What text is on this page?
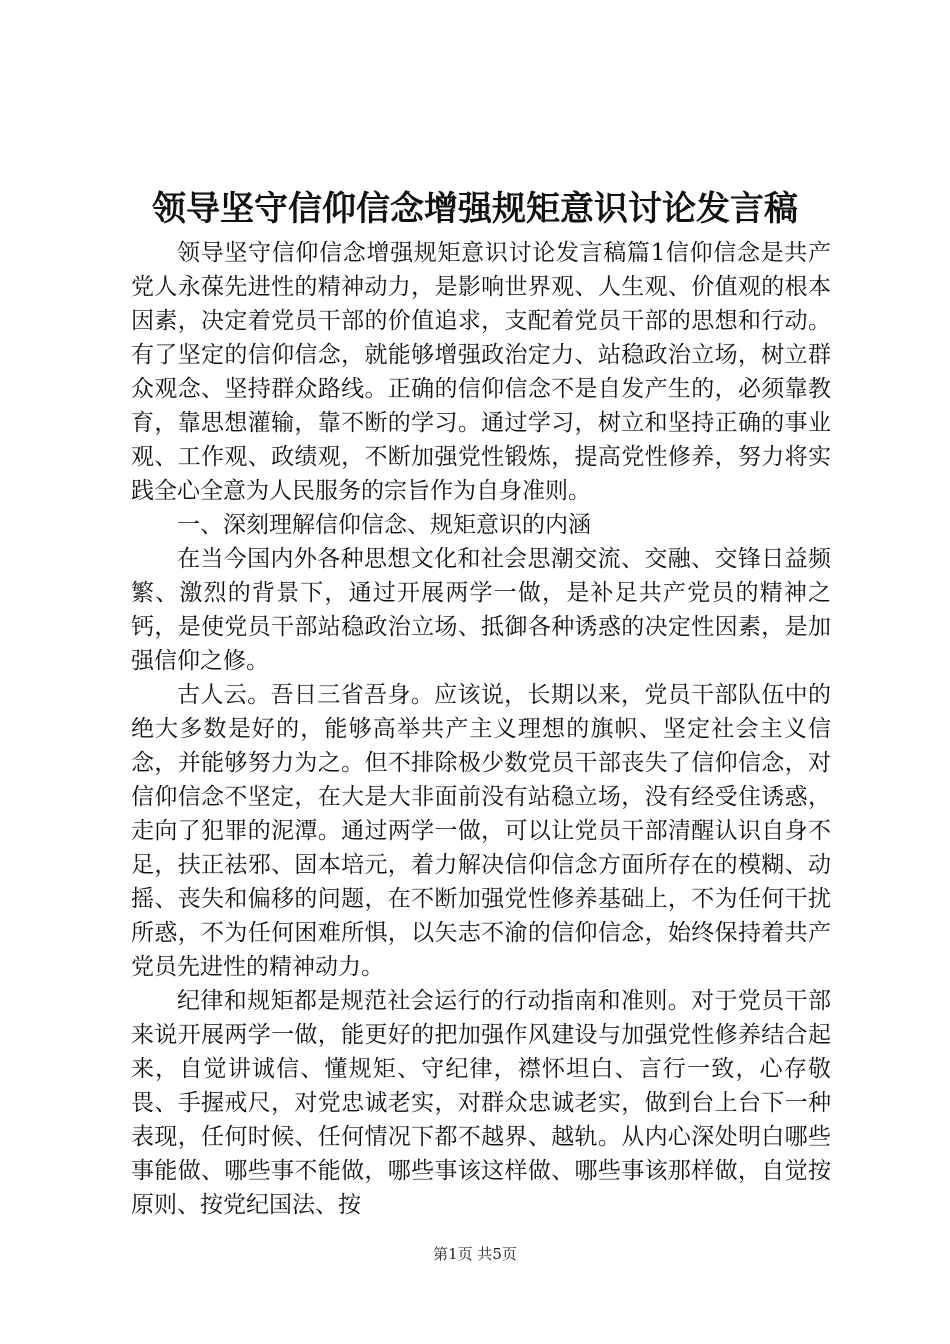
领导坚守信仰信念增强规矩意识讨论发言稿

领导坚守信仰信念增强规矩意识讨论发言稿篇1信仰信念是共产党人永葆先进性的精神动力，是影响世界观、人生观、价值观的根本因素，决定着党员干部的价值追求，支配着党员干部的思想和行动。有了坚定的信仰信念，就能够增强政治定力、站稳政治立场，树立群众观念、坚持群众路线。正确的信仰信念不是自发产生的，必须靠教育，靠思想灌输，靠不断的学习。通过学习，树立和坚持正确的事业观、工作观、政绩观，不断加强党性锻炼，提高党性修养，努力将实践全心全意为人民服务的宗旨作为自身准则。

一、深刻理解信仰信念、规矩意识的内涵

在当今国内外各种思想文化和社会思潮交流、交融、交锋日益频繁、激烈的背景下，通过开展两学一做，是补足共产党员的精神之钙，是使党员干部站稳政治立场、抵御各种诱惑的决定性因素，是加强信仰之修。

古人云。吾日三省吾身。应该说，长期以来，党员干部队伍中的绝大多数是好的，能够高举共产主义理想的旗帜、坚定社会主义信念，并能够努力为之。但不排除极少数党员干部丧失了信仰信念，对信仰信念不坚定，在大是大非面前没有站稳立场，没有经受住诱惑，走向了犯罪的泥潭。通过两学一做，可以让党员干部清醒认识自身不足，扶正祛邪、固本培元，着力解决信仰信念方面所存在的模糊、动摇、丧失和偏移的问题，在不断加强党性修养基础上，不为任何干扰所惑，不为任何困难所惧，以矢志不渝的信仰信念，始终保持着共产党员先进性的精神动力。

纪律和规矩都是规范社会运行的行动指南和准则。对于党员干部来说开展两学一做，能更好的把加强作风建设与加强党性修养结合起来，自觉讲诚信、懂规矩、守纪律，襟怀坦白、言行一致，心存敬畏、手握戒尺，对党忠诚老实，对群众忠诚老实，做到台上台下一种表现，任何时候、任何情况下都不越界、越轨。从内心深处明白哪些事能做、哪些事不能做，哪些事该这样做、哪些事该那样做，自觉按原则、按党纪国法、按

第1页 共5页
